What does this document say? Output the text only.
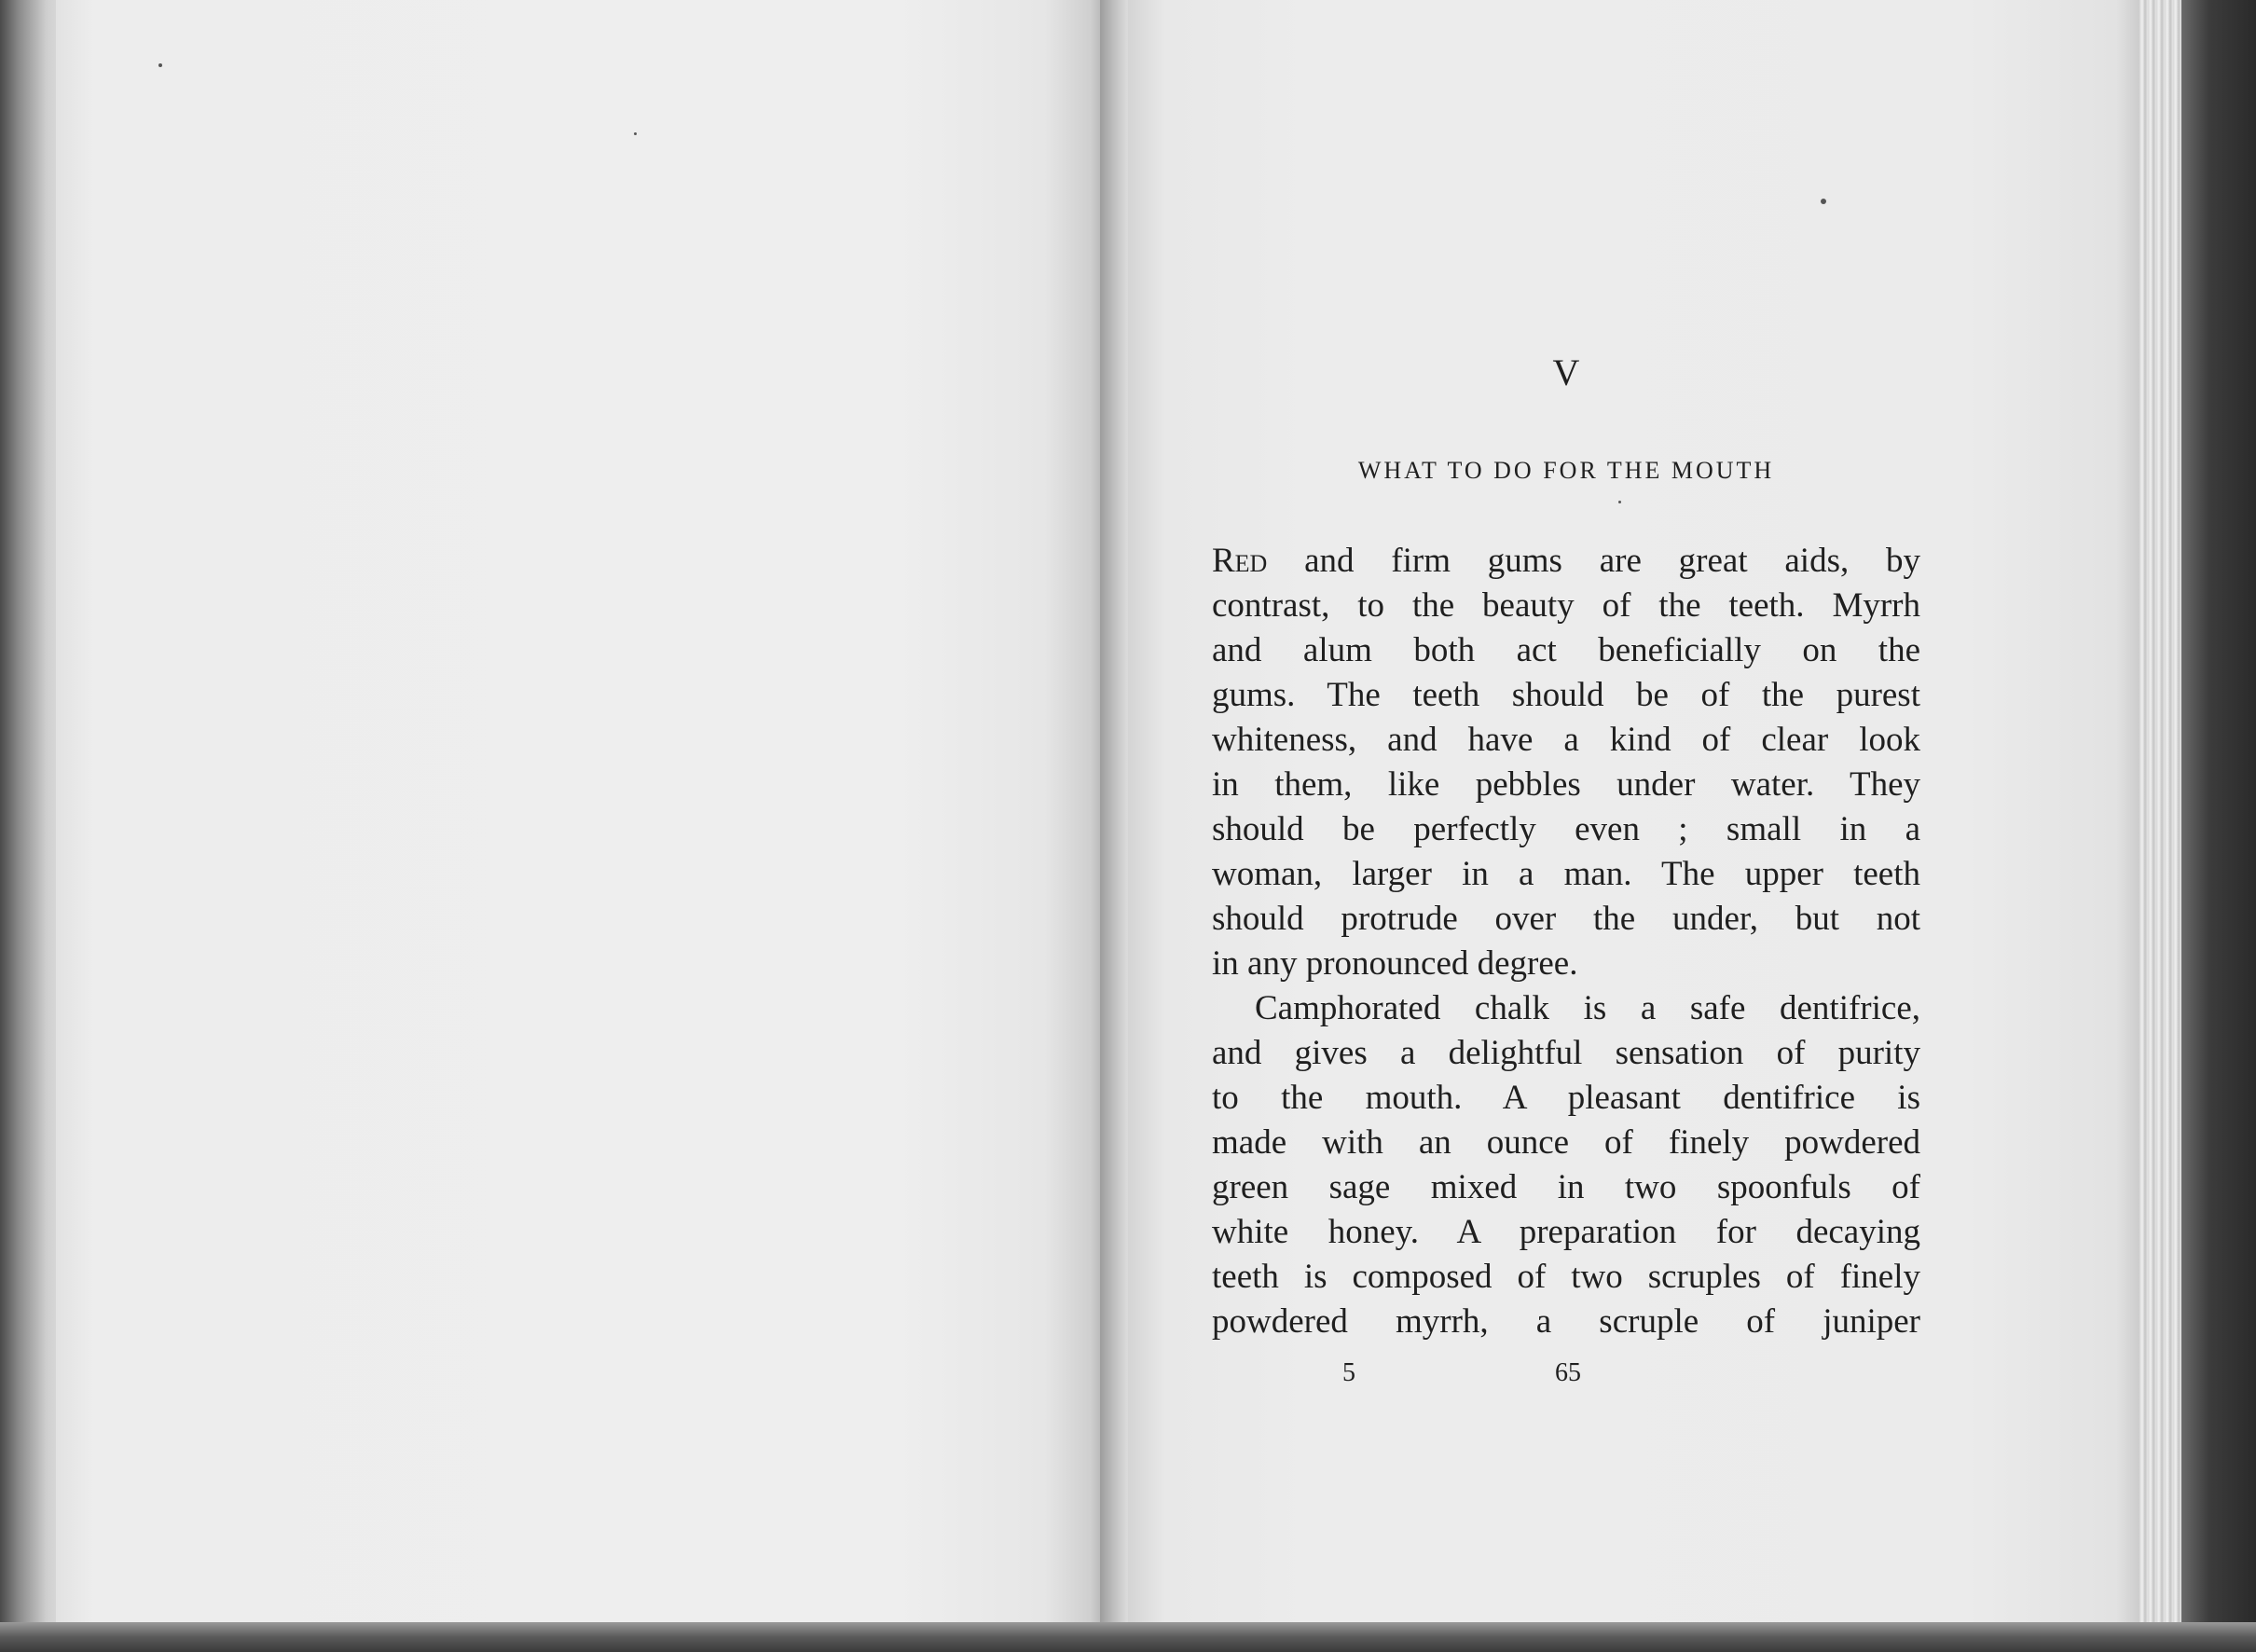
V
WHAT TO DO FOR THE MOUTH
Red and firm gums are great aids, by
contrast, to the beauty of the teeth. Myrrh
and alum both act beneficially on the
gums. The teeth should be of the purest
whiteness, and have a kind of clear look
in them, like pebbles under water. They
should be perfectly even ; small in a
woman, larger in a man. The upper teeth
should protrude over the under, but not
in any pronounced degree.
Camphorated chalk is a safe dentifrice,
and gives a delightful sensation of purity
to the mouth. A pleasant dentifrice is
made with an ounce of finely powdered
green sage mixed in two spoonfuls of
white honey. A preparation for decaying
teeth is composed of two scruples of finely
powdered myrrh, a scruple of juniper
5	65
